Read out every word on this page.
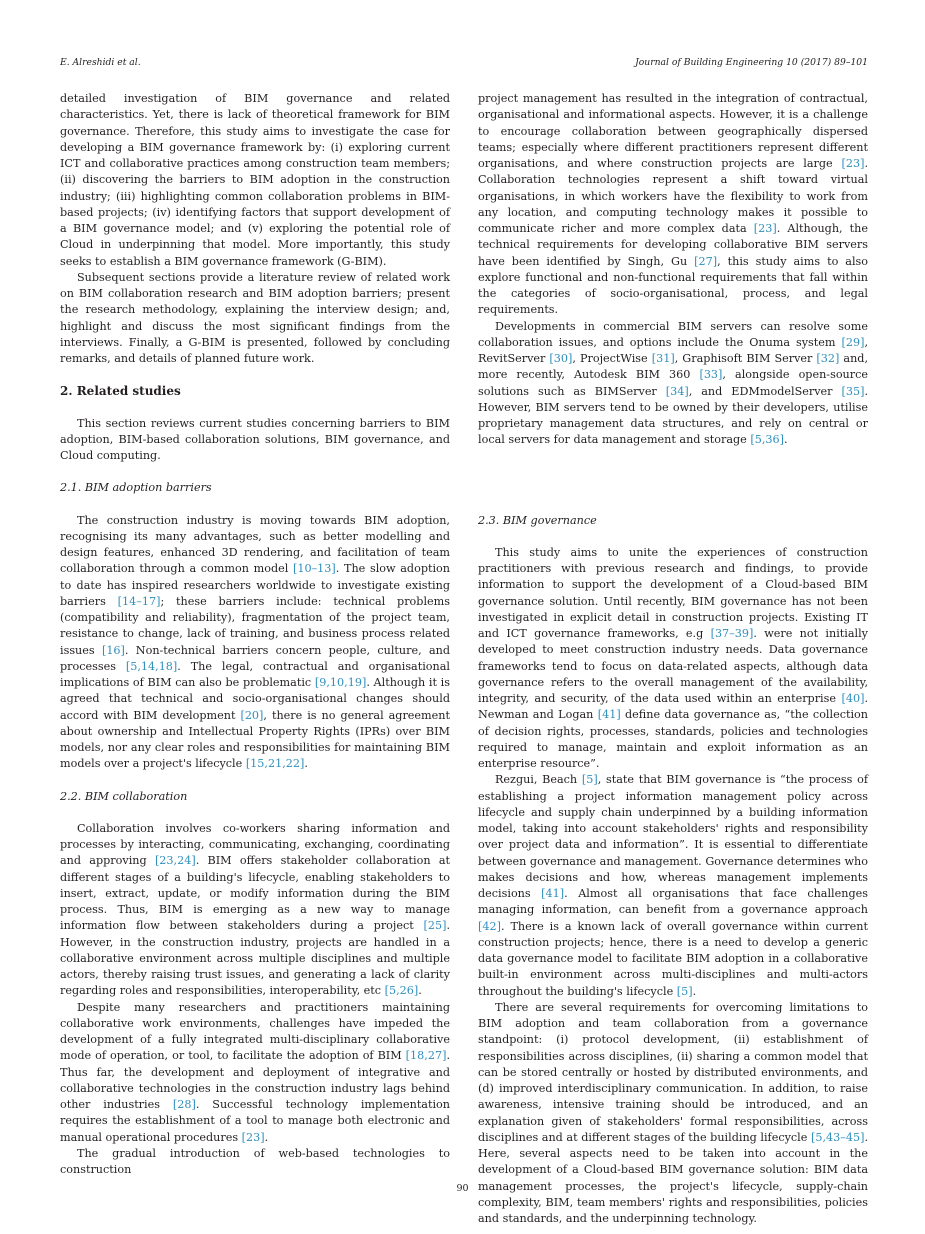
E. Alreshidi et al.	Journal of Building Engineering 10 (2017) 89–101

detailed investigation of BIM governance and related characteristics. Yet, there is lack of theoretical framework for BIM governance. Therefore, this study aims to investigate the case for developing a BIM governance framework by: (i) exploring current ICT and collaborative practices among construction team members; (ii) discovering the barriers to BIM adoption in the construction industry; (iii) highlighting common collaboration problems in BIM-based projects; (iv) identifying factors that support development of a BIM governance model; and (v) exploring the potential role of Cloud in underpinning that model. More importantly, this study seeks to establish a BIM governance framework (G-BIM).

Subsequent sections provide a literature review of related work on BIM collaboration research and BIM adoption barriers; present the research methodology, explaining the interview design; and, highlight and discuss the most significant findings from the interviews. Finally, a G-BIM is presented, followed by concluding remarks, and details of planned future work.

2. Related studies

This section reviews current studies concerning barriers to BIM adoption, BIM-based collaboration solutions, BIM governance, and Cloud computing.

2.1. BIM adoption barriers

The construction industry is moving towards BIM adoption, recognising its many advantages, such as better modelling and design features, enhanced 3D rendering, and facilitation of team collaboration through a common model [10–13]. The slow adoption to date has inspired researchers worldwide to investigate existing barriers [14–17]; these barriers include: technical problems (compatibility and reliability), fragmentation of the project team, resistance to change, lack of training, and business process related issues [16]. Non-technical barriers concern people, culture, and processes [5,14,18]. The legal, contractual and organisational implications of BIM can also be problematic [9,10,19]. Although it is agreed that technical and socio-organisational changes should accord with BIM development [20], there is no general agreement about ownership and Intellectual Property Rights (IPRs) over BIM models, nor any clear roles and responsibilities for maintaining BIM models over a project's lifecycle [15,21,22].

2.2. BIM collaboration

Collaboration involves co-workers sharing information and processes by interacting, communicating, exchanging, coordinating and approving [23,24]. BIM offers stakeholder collaboration at different stages of a building's lifecycle, enabling stakeholders to insert, extract, update, or modify information during the BIM process. Thus, BIM is emerging as a new way to manage information flow between stakeholders during a project [25]. However, in the construction industry, projects are handled in a collaborative environment across multiple disciplines and multiple actors, thereby raising trust issues, and generating a lack of clarity regarding roles and responsibilities, interoperability, etc [5,26].

Despite many researchers and practitioners maintaining collaborative work environments, challenges have impeded the development of a fully integrated multi-disciplinary collaborative mode of operation, or tool, to facilitate the adoption of BIM [18,27]. Thus far, the development and deployment of integrative and collaborative technologies in the construction industry lags behind other industries [28]. Successful technology implementation requires the establishment of a tool to manage both electronic and manual operational procedures [23].

The gradual introduction of web-based technologies to construction

project management has resulted in the integration of contractual, organisational and informational aspects. However, it is a challenge to encourage collaboration between geographically dispersed teams; especially where different practitioners represent different organisations, and where construction projects are large [23]. Collaboration technologies represent a shift toward virtual organisations, in which workers have the flexibility to work from any location, and computing technology makes it possible to communicate richer and more complex data [23]. Although, the technical requirements for developing collaborative BIM servers have been identified by Singh, Gu [27], this study aims to also explore functional and non-functional requirements that fall within the categories of socio-organisational, process, and legal requirements.

Developments in commercial BIM servers can resolve some collaboration issues, and options include the Onuma system [29], RevitServer [30], ProjectWise [31], Graphisoft BIM Server [32] and, more recently, Autodesk BIM 360 [33], alongside open-source solutions such as BIMServer [34], and EDMmodelServer [35]. However, BIM servers tend to be owned by their developers, utilise proprietary management data structures, and rely on central or local servers for data management and storage [5,36].

2.3. BIM governance

This study aims to unite the experiences of construction practitioners with previous research and findings, to provide information to support the development of a Cloud-based BIM governance solution. Until recently, BIM governance has not been investigated in explicit detail in construction projects. Existing IT and ICT governance frameworks, e.g [37–39]. were not initially developed to meet construction industry needs. Data governance frameworks tend to focus on data-related aspects, although data governance refers to the overall management of the availability, integrity, and security, of the data used within an enterprise [40]. Newman and Logan [41] define data governance as, “the collection of decision rights, processes, standards, policies and technologies required to manage, maintain and exploit information as an enterprise resource”.

Rezgui, Beach [5], state that BIM governance is “the process of establishing a project information management policy across lifecycle and supply chain underpinned by a building information model, taking into account stakeholders' rights and responsibility over project data and information”. It is essential to differentiate between governance and management. Governance determines who makes decisions and how, whereas management implements decisions [41]. Almost all organisations that face challenges managing information, can benefit from a governance approach [42]. There is a known lack of overall governance within current construction projects; hence, there is a need to develop a generic data governance model to facilitate BIM adoption in a collaborative built-in environment across multi-disciplines and multi-actors throughout the building's lifecycle [5].

There are several requirements for overcoming limitations to BIM adoption and team collaboration from a governance standpoint: (i) protocol development, (ii) establishment of responsibilities across disciplines, (ii) sharing a common model that can be stored centrally or hosted by distributed environments, and (d) improved interdisciplinary communication. In addition, to raise awareness, intensive training should be introduced, and an explanation given of stakeholders' formal responsibilities, across disciplines and at different stages of the building lifecycle [5,43–45]. Here, several aspects need to be taken into account in the development of a Cloud-based BIM governance solution: BIM data management processes, the project's lifecycle, supply-chain complexity, BIM, team members' rights and responsibilities, policies and standards, and the underpinning technology.

90
